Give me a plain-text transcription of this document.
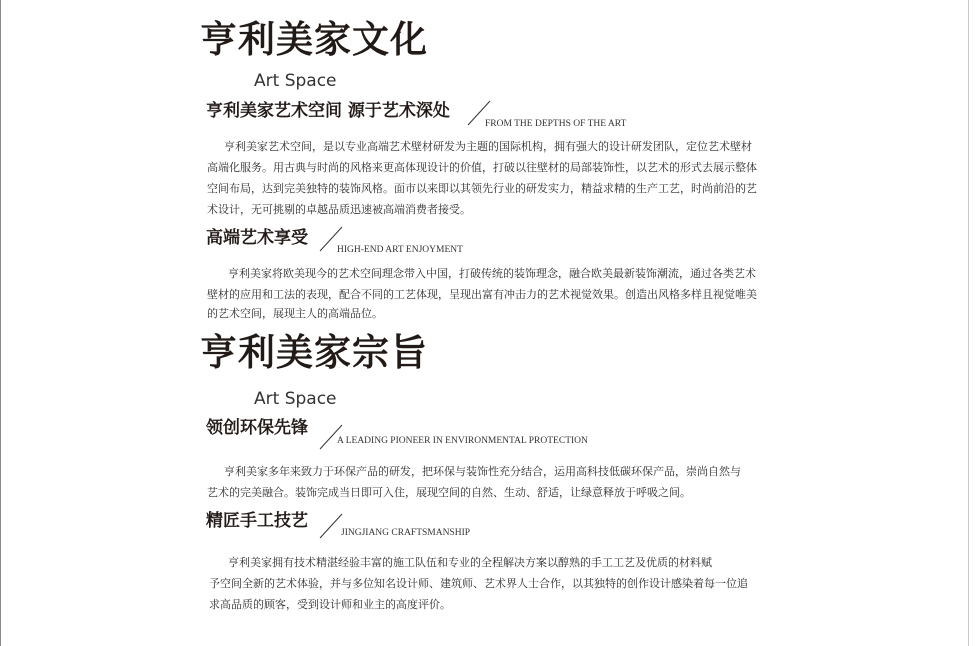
亨利美家文化

Art Space

亨利美家艺术空间 源于艺术深处

FROM THE DEPTHS OF THE ART

亨利美家艺术空间，是以专业高端艺术壁材研发为主题的国际机构，拥有强大的设计研发团队，定位艺术壁材

高端化服务。用古典与时尚的风格来更高体现设计的价值，打破以往壁材的局部装饰性，以艺术的形式去展示整体

空间布局，达到完美独特的装饰风格。面市以来即以其领先行业的研发实力，精益求精的生产工艺，时尚前沿的艺

术设计，无可挑剔的卓越品质迅速被高端消费者接受。

高端艺术享受

HIGH-END ART ENJOYMENT

亨利美家将欧美现今的艺术空间理念带入中国，打破传统的装饰理念，融合欧美最新装饰潮流，通过各类艺术

壁材的应用和工法的表现，配合不同的工艺体现，呈现出富有冲击力的艺术视觉效果。创造出风格多样且视觉唯美

的艺术空间，展现主人的高端品位。

亨利美家宗旨

Art Space

领创环保先锋

A LEADING PIONEER IN ENVIRONMENTAL PROTECTION

亨利美家多年来致力于环保产品的研发，把环保与装饰性充分结合，运用高科技低碳环保产品，崇尚自然与

艺术的完美融合。装饰完成当日即可入住，展现空间的自然、生动、舒适，让绿意释放于呼吸之间。

精匠手工技艺

JINGJIANG CRAFTSMANSHIP

亨利美家拥有技术精湛经验丰富的施工队伍和专业的全程解决方案以醇熟的手工工艺及优质的材料赋

予空间全新的艺术体验，并与多位知名设计师、建筑师、艺术界人士合作，以其独特的创作设计感染着每一位追

求高品质的顾客，受到设计师和业主的高度评价。
